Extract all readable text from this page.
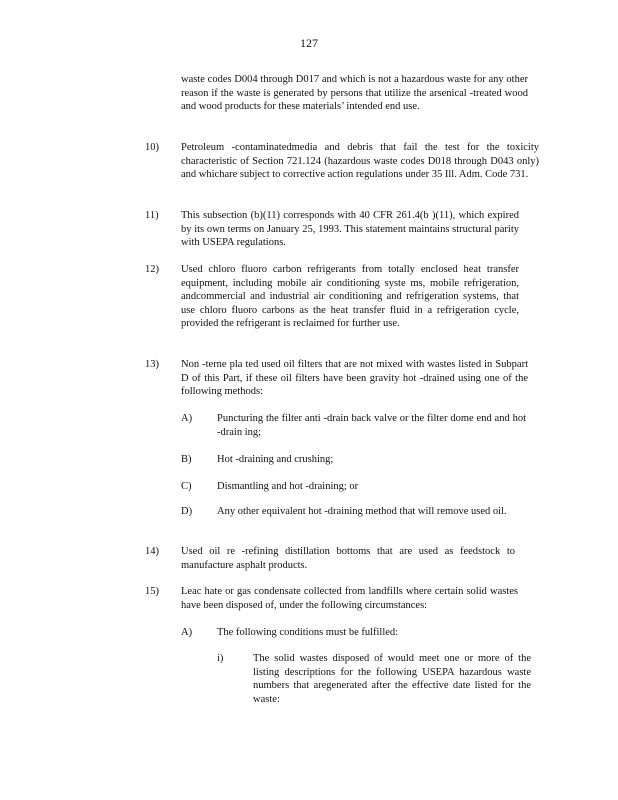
127
waste codes D004 through D017 and which is not a hazardous waste for any other reason if the waste is generated by persons that utilize the arsenical -treated wood and wood products for these materials’ intended end use.
10) Petroleum -contaminatedmedia and debris that fail the test for the toxicity characteristic of Section 721.124 (hazardous waste codes D018 through D043 only) and whichare subject to corrective action regulations under 35 Ill. Adm. Code 731.
11) This subsection (b)(11) corresponds with 40 CFR 261.4(b )(11), which expired by its own terms on January 25, 1993. This statement maintains structural parity with USEPA regulations.
12) Used chloro fluoro carbon refrigerants from totally enclosed heat transfer equipment, including mobile air conditioning syste ms, mobile refrigeration, andcommercial and industrial air conditioning and refrigeration systems, that use chloro fluoro carbons as the heat transfer fluid in a refrigeration cycle, provided the refrigerant is reclaimed for further use.
13) Non -terne pla ted used oil filters that are not mixed with wastes listed in Subpart D of this Part, if these oil filters have been gravity hot -drained using one of the following methods:
A) Puncturing the filter anti -drain back valve or the filter dome end and hot -drain ing;
B) Hot -draining and crushing;
C) Dismantling and hot -draining; or
D) Any other equivalent hot -draining method that will remove used oil.
14) Used oil re -refining distillation bottoms that are used as feedstock to manufacture asphalt products.
15) Leac hate or gas condensate collected from landfills where certain solid wastes have been disposed of, under the following circumstances:
A) The following conditions must be fulfilled:
i)	The solid wastes disposed of would meet one or more of the listing descriptions for the following USEPA hazardous waste numbers that aregenerated after the effective date listed for the waste:
